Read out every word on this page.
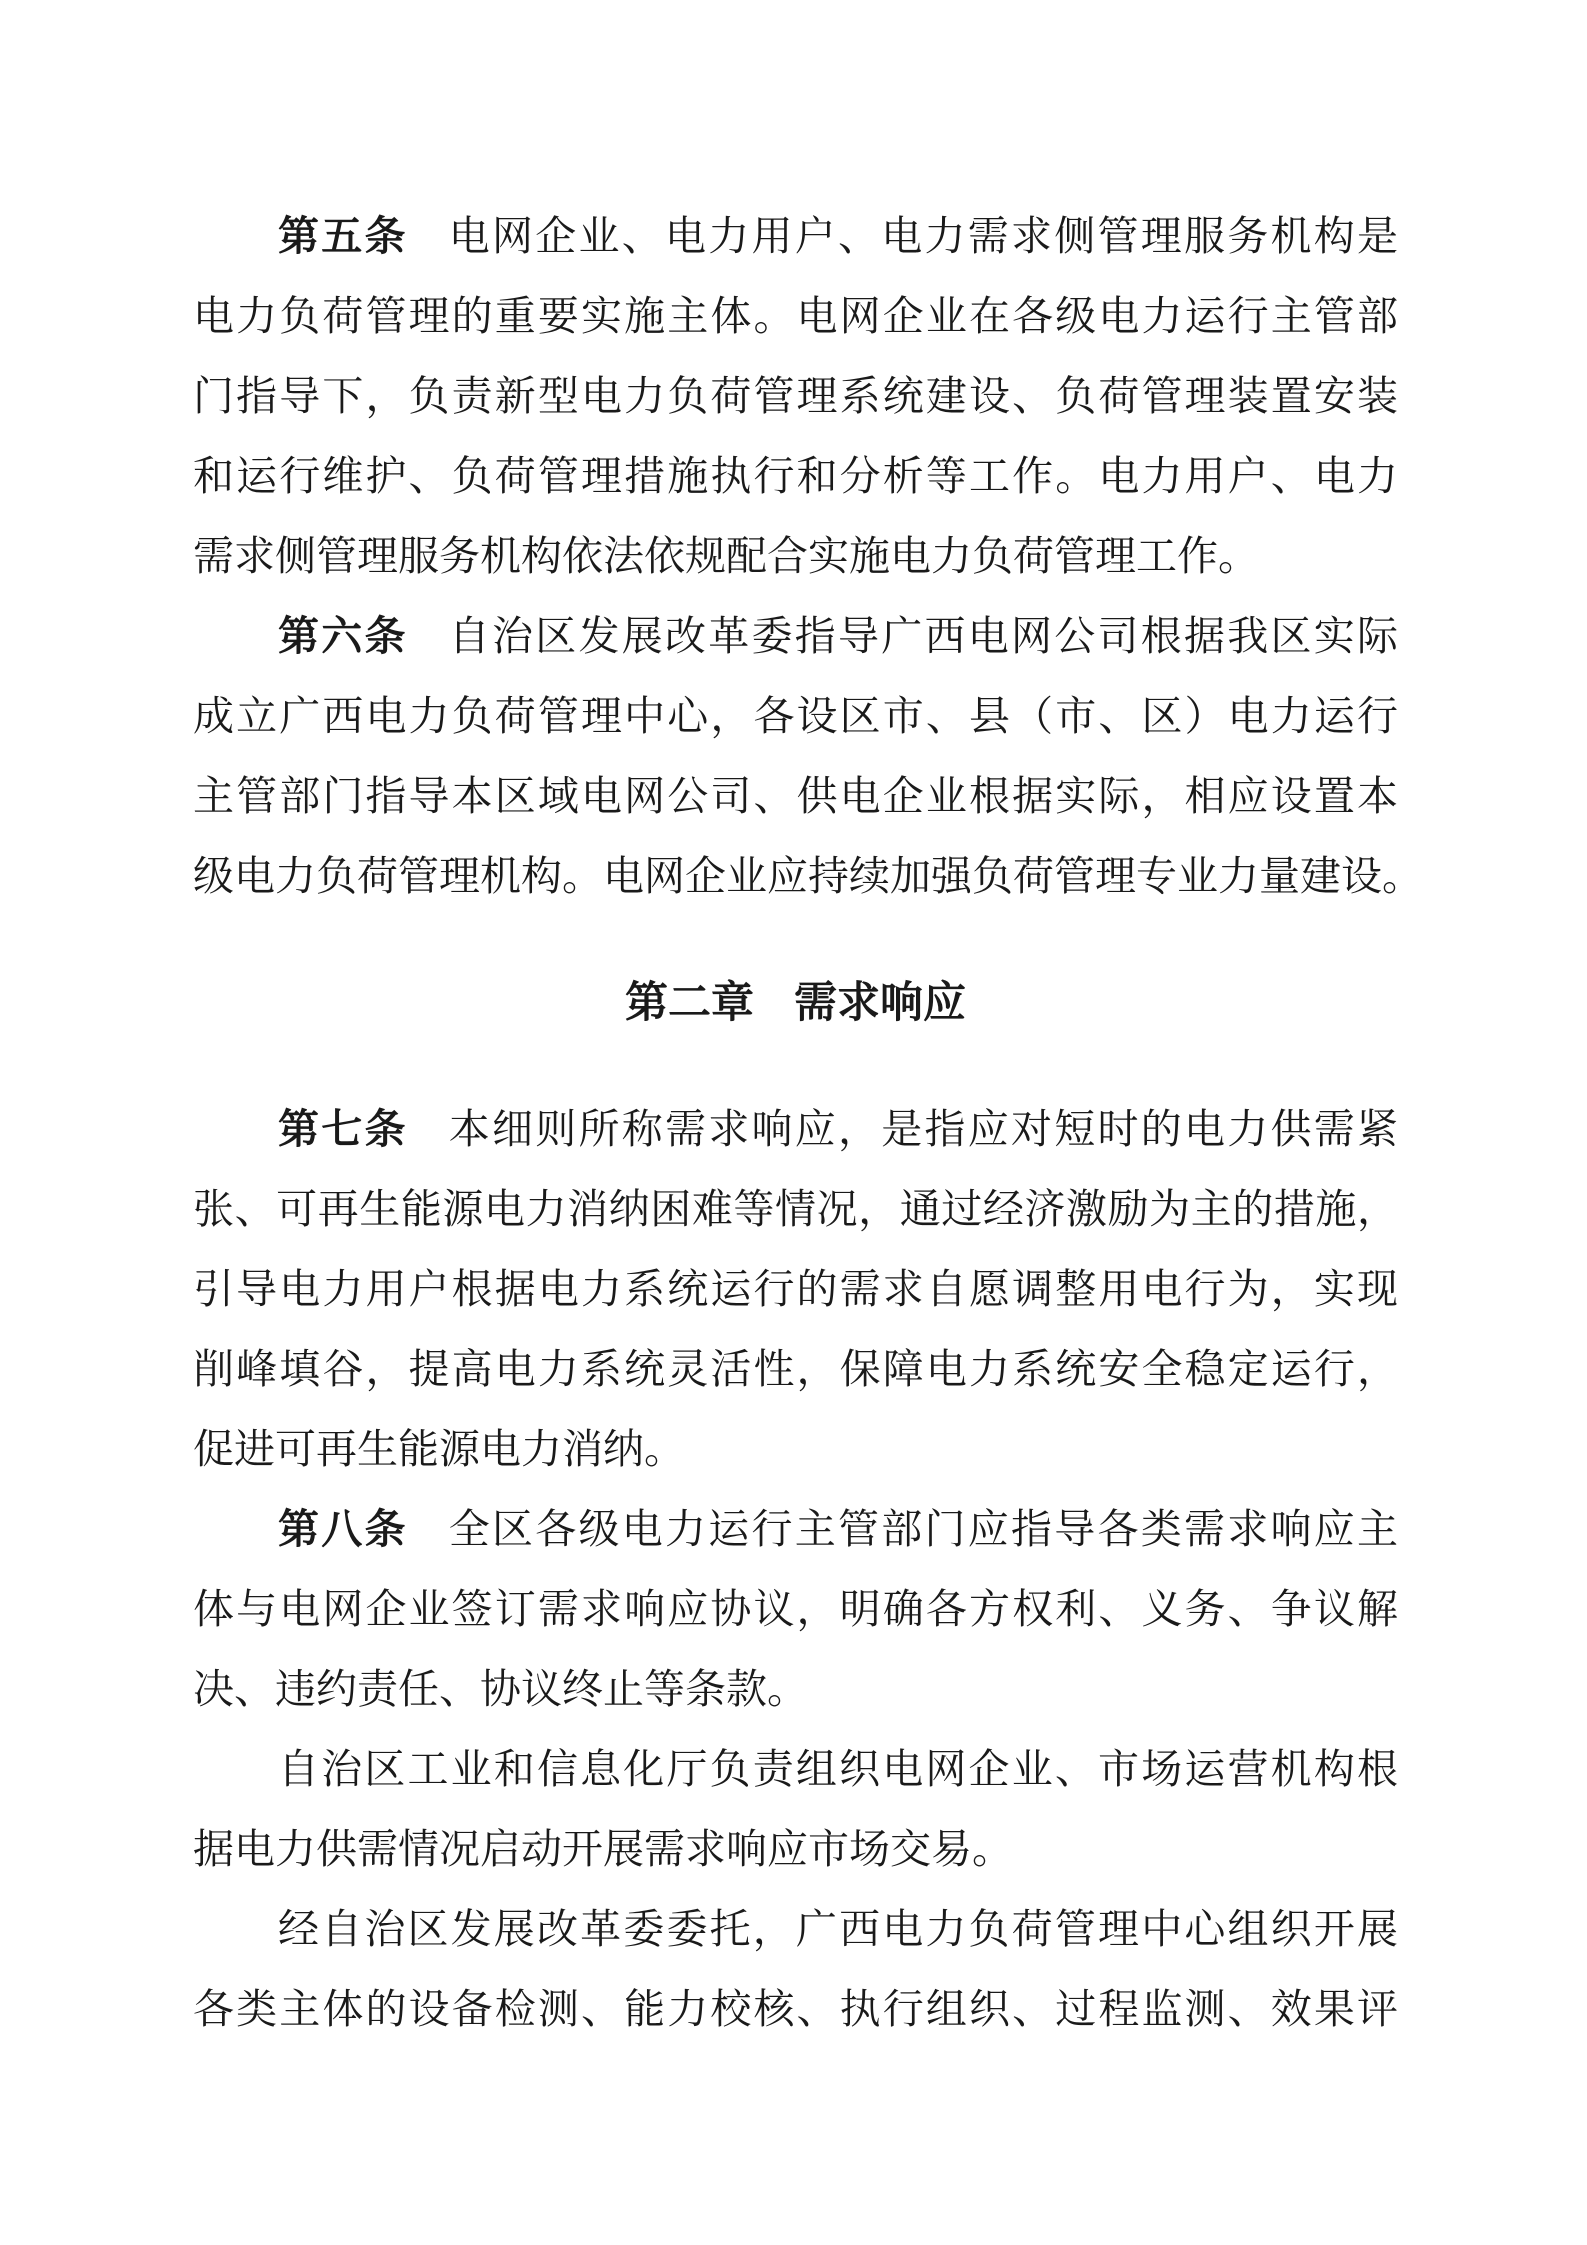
第五条 电网企业、电力用户、电力需求侧管理服务机构是
电力负荷管理的重要实施主体。电网企业在各级电力运行主管部
门指导下，负责新型电力负荷管理系统建设、负荷管理装置安装
和运行维护、负荷管理措施执行和分析等工作。电力用户、电力
需求侧管理服务机构依法依规配合实施电力负荷管理工作。
第六条 自治区发展改革委指导广西电网公司根据我区实际
成立广西电力负荷管理中心，各设区市、县（市、区）电力运行
主管部门指导本区域电网公司、供电企业根据实际，相应设置本
级电力负荷管理机构。电网企业应持续加强负荷管理专业力量建设。
第二章 需求响应
第七条 本细则所称需求响应，是指应对短时的电力供需紧
张、可再生能源电力消纳困难等情况，通过经济激励为主的措施，
引导电力用户根据电力系统运行的需求自愿调整用电行为，实现
削峰填谷，提高电力系统灵活性，保障电力系统安全稳定运行，
促进可再生能源电力消纳。
第八条 全区各级电力运行主管部门应指导各类需求响应主
体与电网企业签订需求响应协议，明确各方权利、义务、争议解
决、违约责任、协议终止等条款。
自治区工业和信息化厅负责组织电网企业、市场运营机构根
据电力供需情况启动开展需求响应市场交易。
经自治区发展改革委委托，广西电力负荷管理中心组织开展
各类主体的设备检测、能力校核、执行组织、过程监测、效果评
